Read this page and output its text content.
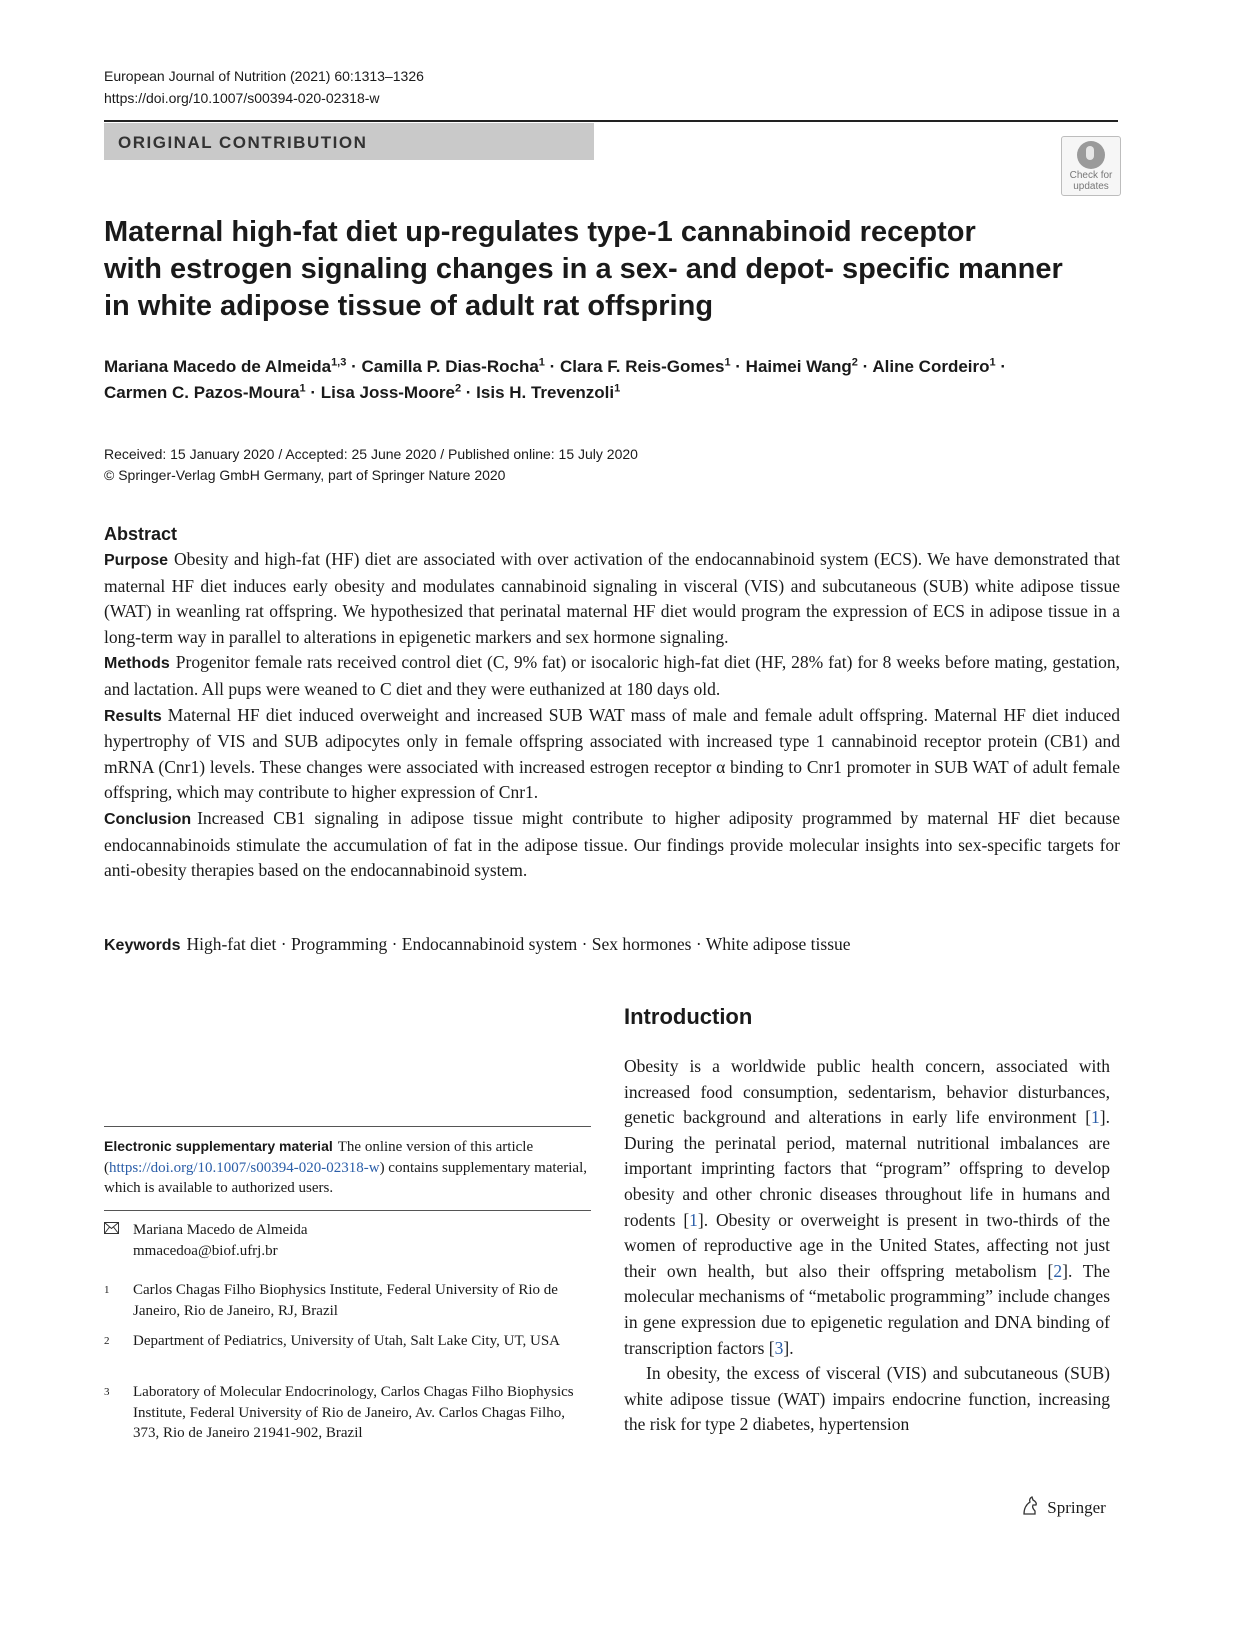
European Journal of Nutrition (2021) 60:1313–1326
https://doi.org/10.1007/s00394-020-02318-w
ORIGINAL CONTRIBUTION
Check for
updates
Maternal high-fat diet up-regulates type-1 cannabinoid receptor
with estrogen signaling changes in a sex- and depot- specific manner
in white adipose tissue of adult rat offspring
Mariana Macedo de Almeida$^{1,3}$ · Camilla P. Dias-Rocha$^1$ · Clara F. Reis-Gomes$^1$ · Haimei Wang$^2$ · Aline Cordeiro$^1$ ·
Carmen C. Pazos-Moura$^1$ · Lisa Joss-Moore$^2$ · Isis H. Trevenzoli$^1$
Received: 15 January 2020 / Accepted: 25 June 2020 / Published online: 15 July 2020
© Springer-Verlag GmbH Germany, part of Springer Nature 2020
Abstract

Purpose Obesity and high-fat (HF) diet are associated with over activation of the endocannabinoid system (ECS). We have demonstrated that maternal HF diet induces early obesity and modulates cannabinoid signaling in visceral (VIS) and subcutaneous (SUB) white adipose tissue (WAT) in weanling rat offspring. We hypothesized that perinatal maternal HF diet would program the expression of ECS in adipose tissue in a long-term way in parallel to alterations in epigenetic markers and sex hormone signaling.

Methods Progenitor female rats received control diet (C, 9% fat) or isocaloric high-fat diet (HF, 28% fat) for 8 weeks before mating, gestation, and lactation. All pups were weaned to C diet and they were euthanized at 180 days old.

Results Maternal HF diet induced overweight and increased SUB WAT mass of male and female adult offspring. Maternal HF diet induced hypertrophy of VIS and SUB adipocytes only in female offspring associated with increased type 1 cannabinoid receptor protein (CB1) and mRNA (Cnr1) levels. These changes were associated with increased estrogen receptor α binding to Cnr1 promoter in SUB WAT of adult female offspring, which may contribute to higher expression of Cnr1.

Conclusion Increased CB1 signaling in adipose tissue might contribute to higher adiposity programmed by maternal HF diet because endocannabinoids stimulate the accumulation of fat in the adipose tissue. Our findings provide molecular insights into sex-specific targets for anti-obesity therapies based on the endocannabinoid system.

Keywords High-fat diet · Programming · Endocannabinoid system · Sex hormones · White adipose tissue
Introduction

Obesity is a worldwide public health concern, associated with increased food consumption, sedentarism, behavior disturbances, genetic background and alterations in early life environment [1]. During the perinatal period, maternal nutritional imbalances are important imprinting factors that “program” offspring to develop obesity and other chronic diseases throughout life in humans and rodents [1]. Obesity or overweight is present in two-thirds of the women of reproductive age in the United States, affecting not just their own health, but also their offspring metabolism [2]. The molecular mechanisms of “metabolic programming” include changes in gene expression due to epigenetic regulation and DNA binding of transcription factors [3].

In obesity, the excess of visceral (VIS) and subcutaneous (SUB) white adipose tissue (WAT) impairs endocrine function, increasing the risk for type 2 diabetes, hypertension

Electronic supplementary material The online version of this article (https://doi.org/10.1007/s00394-020-02318-w) contains supplementary material, which is available to authorized users.
Mariana Macedo de Almeida
mmacedoa@biof.ufrj.br
1 Carlos Chagas Filho Biophysics Institute, Federal University of Rio de Janeiro, Rio de Janeiro, RJ, Brazil
2 Department of Pediatrics, University of Utah, Salt Lake City, UT, USA
3 Laboratory of Molecular Endocrinology, Carlos Chagas Filho Biophysics Institute, Federal University of Rio de Janeiro, Av. Carlos Chagas Filho, 373, Rio de Janeiro 21941-902, Brazil
Springer
